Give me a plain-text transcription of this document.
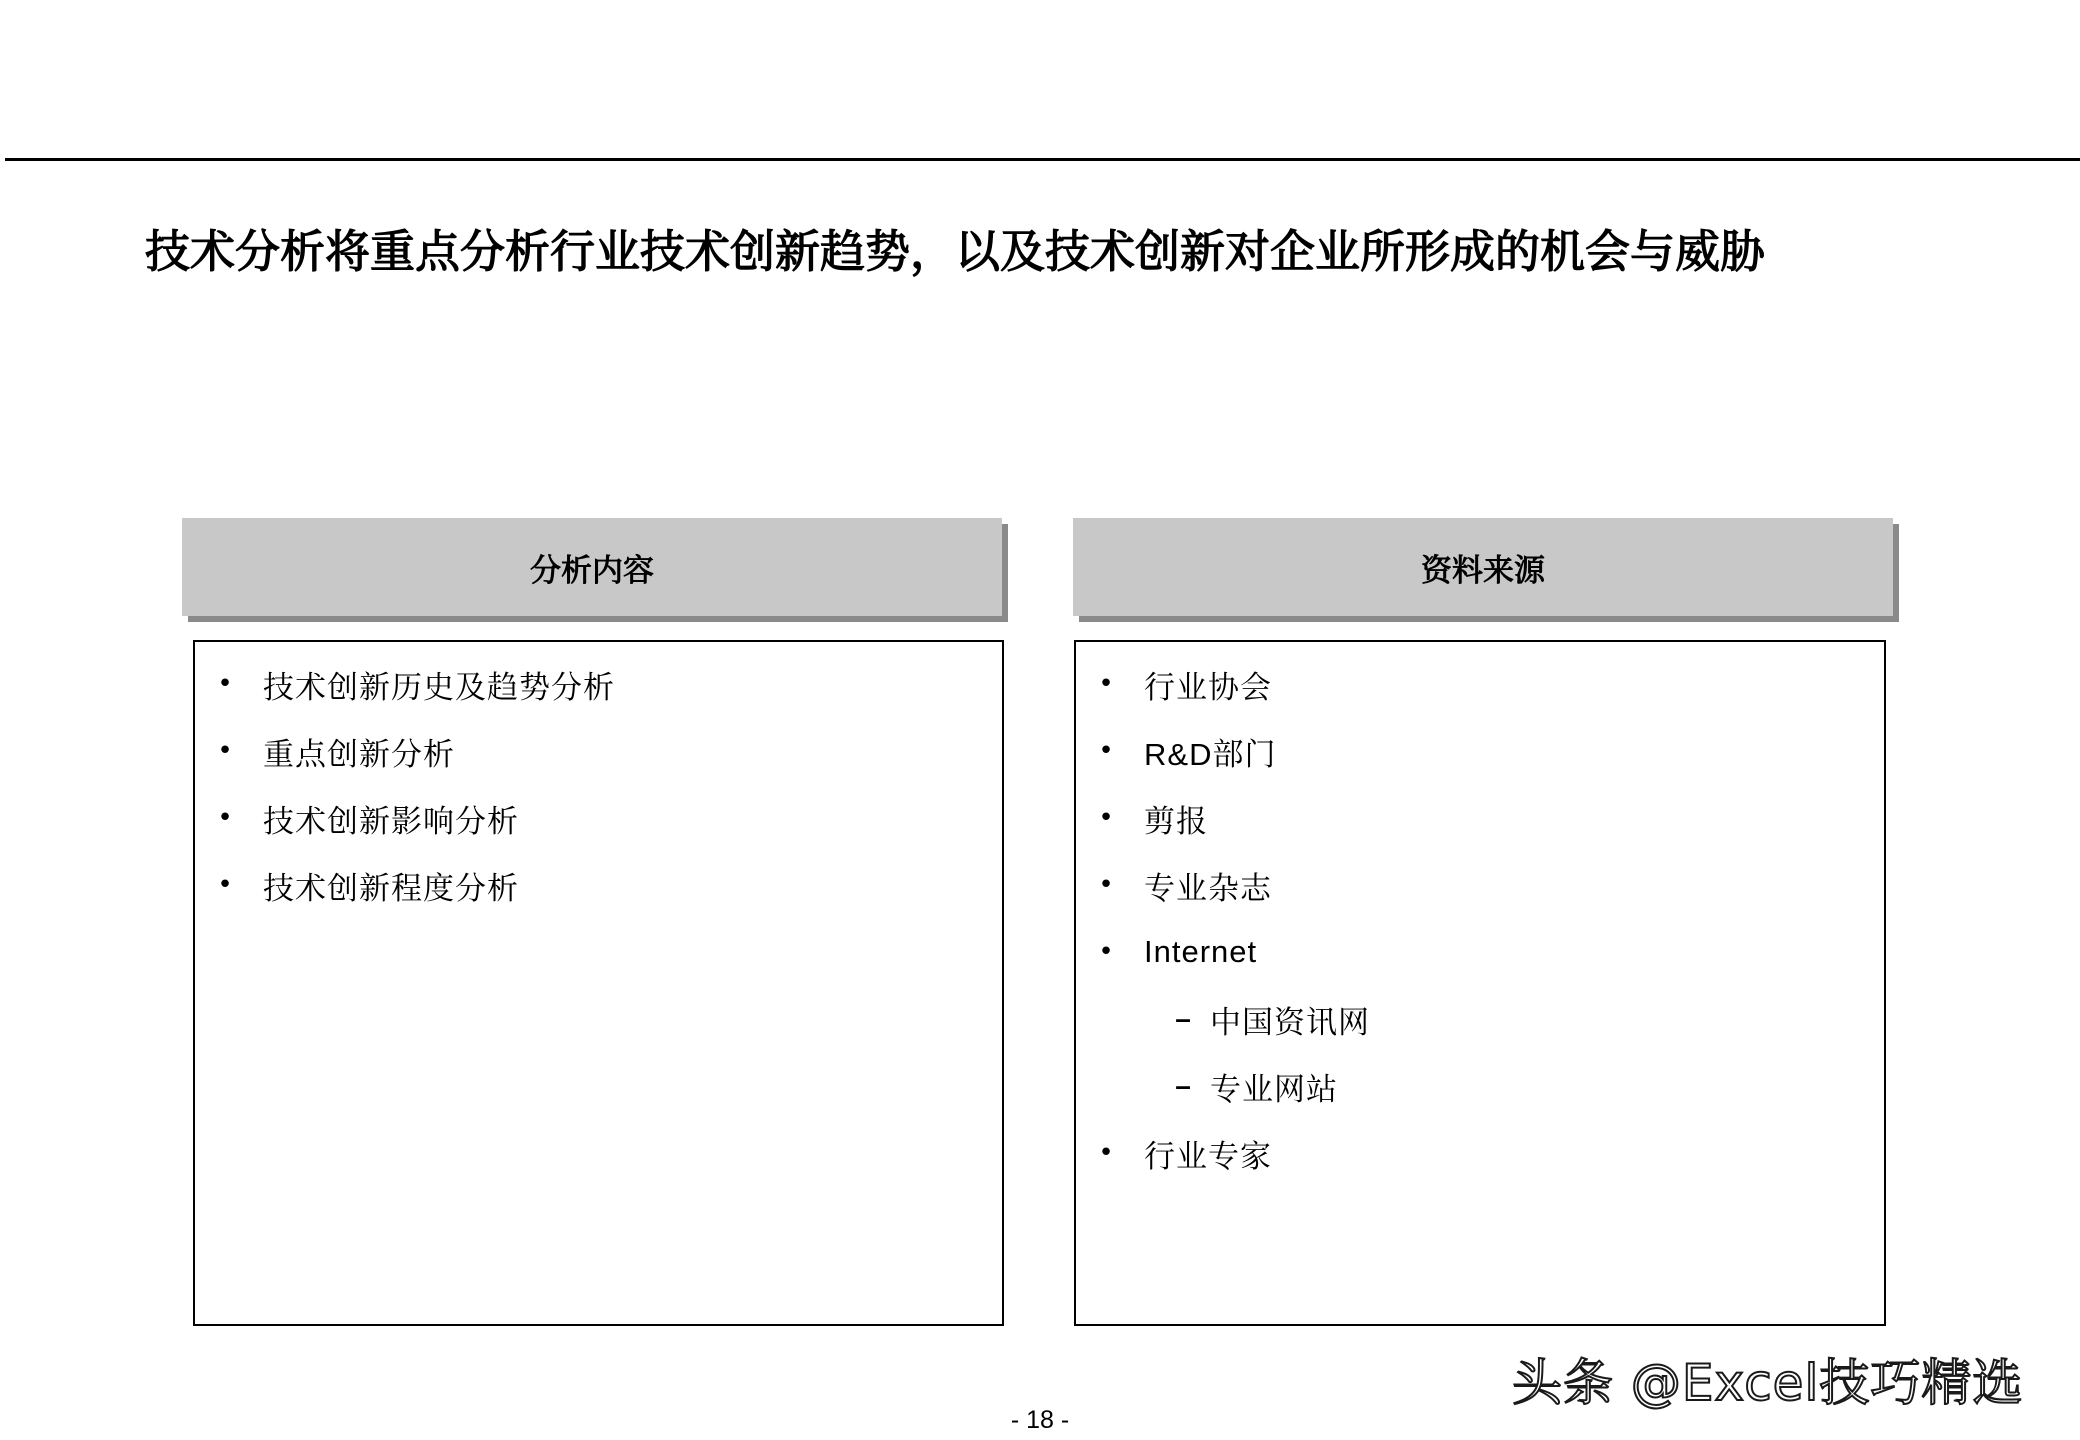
技术分析将重点分析行业技术创新趋势，以及技术创新对企业所形成的机会与威胁
分析内容	资料来源
• 技术创新历史及趋势分析
• 重点创新分析
• 技术创新影响分析
• 技术创新程度分析
• 行业协会
• R&D部门
• 剪报
• 专业杂志
• Internet
– 中国资讯网
– 专业网站
• 行业专家
头条 @Excel技巧精选
- 18 -
